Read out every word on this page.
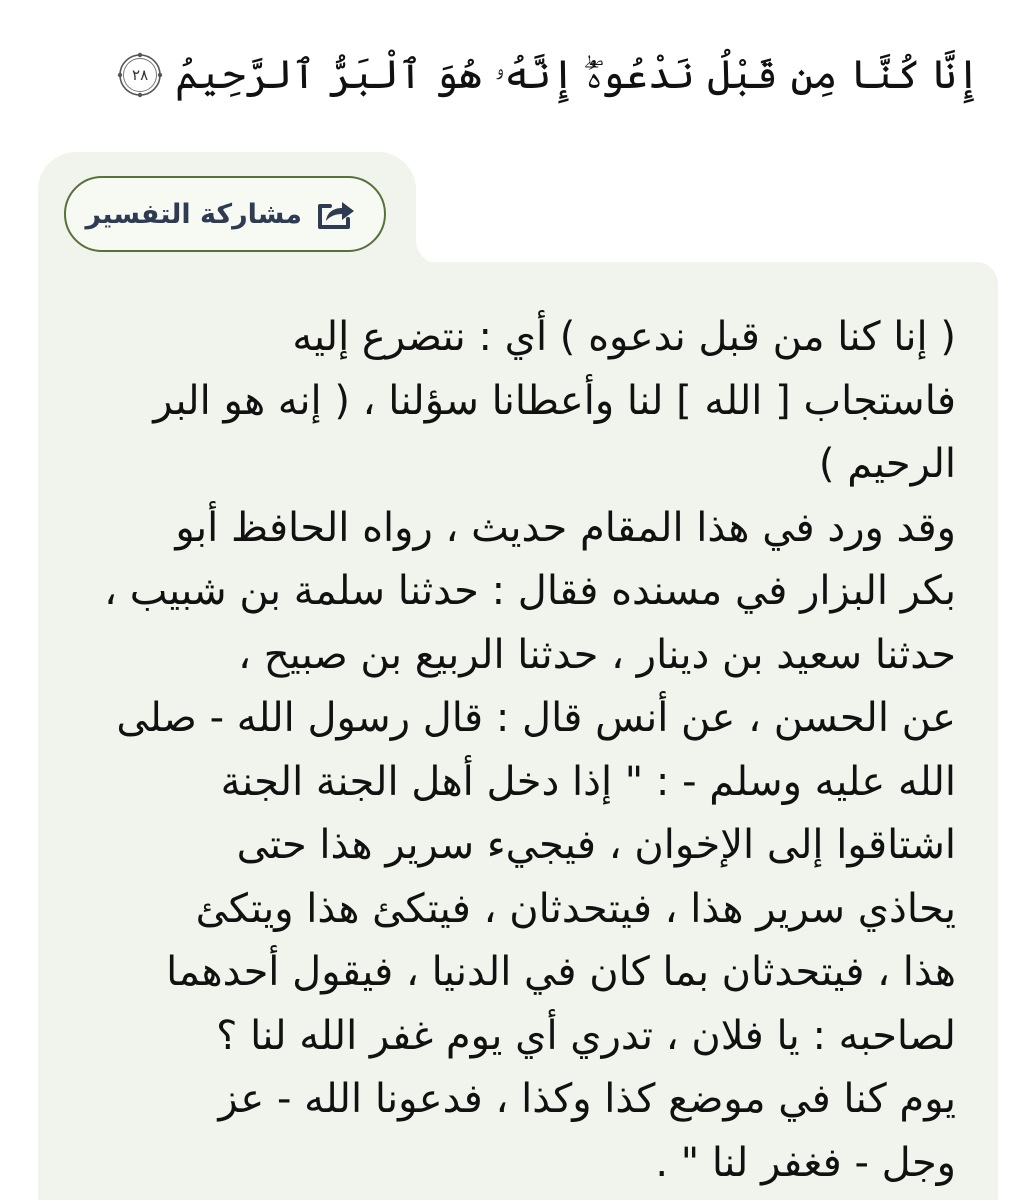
إِنَّا كُنَّا مِن قَبْلُ نَدْعُوهُۖ إِنَّهُۥ هُوَ ٱلْبَرُّ ٱلرَّحِيمُ
٢٨
مشاركة التفسير
( إنا كنا من قبل ندعوه ) أي : نتضرع إليه
فاستجاب [ الله ] لنا وأعطانا سؤلنا ، ( إنه هو البر
الرحيم )
وقد ورد في هذا المقام حديث ، رواه الحافظ أبو
بكر البزار في مسنده فقال : حدثنا سلمة بن شبيب ،
حدثنا سعيد بن دينار ، حدثنا الربيع بن صبيح ،
عن الحسن ، عن أنس قال : قال رسول الله - صلى
الله عليه وسلم - : " إذا دخل أهل الجنة الجنة
اشتاقوا إلى الإخوان ، فيجيء سرير هذا حتى
يحاذي سرير هذا ، فيتحدثان ، فيتكئ هذا ويتكئ
هذا ، فيتحدثان بما كان في الدنيا ، فيقول أحدهما
لصاحبه : يا فلان ، تدري أي يوم غفر الله لنا ؟
يوم كنا في موضع كذا وكذا ، فدعونا الله - عز
وجل - فغفر لنا " .
